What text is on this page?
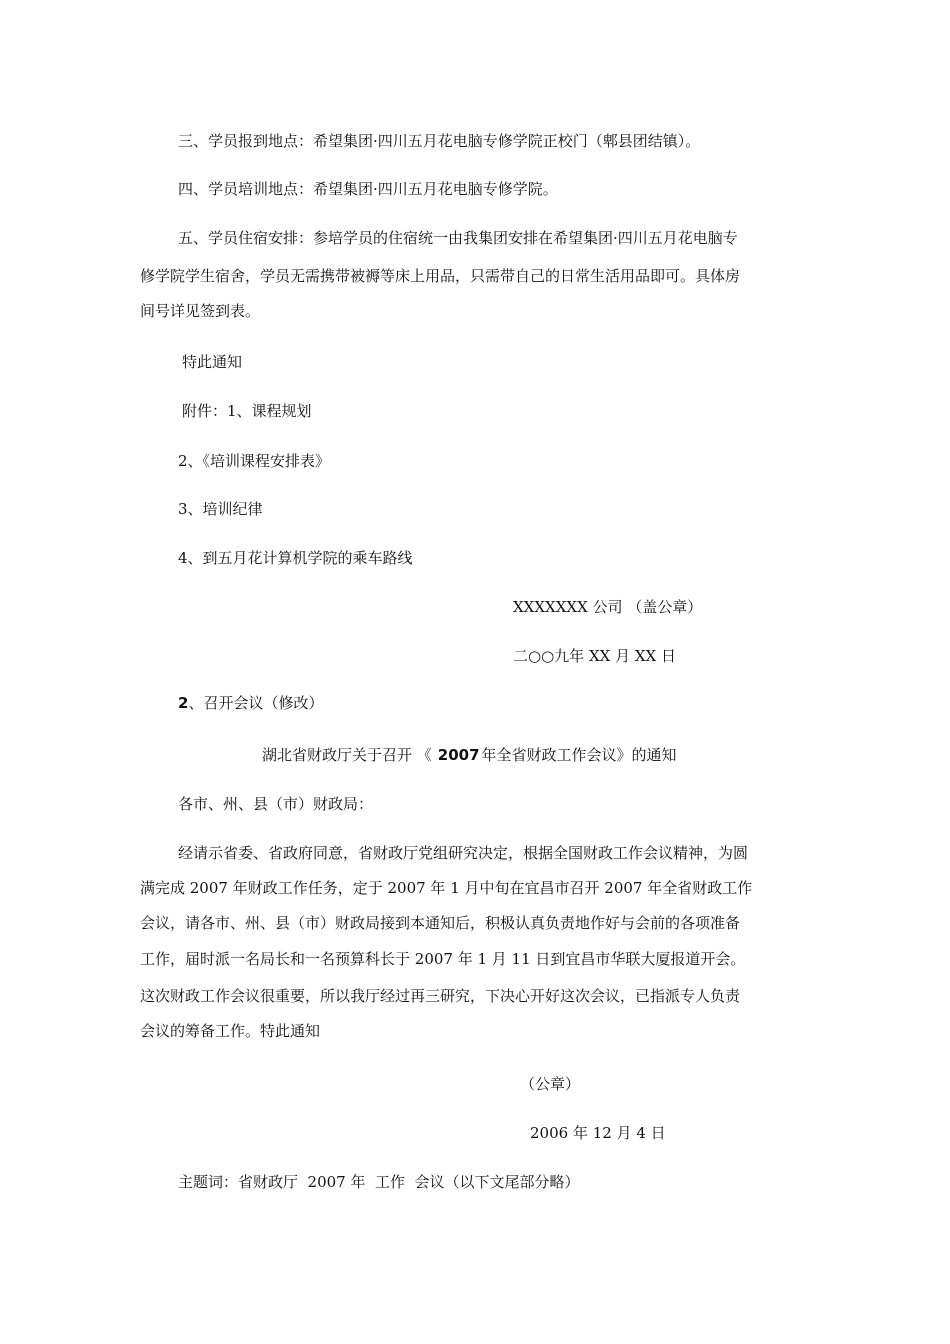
三、学员报到地点：希望集团·四川五月花电脑专修学院正校门（郫县团结镇）。
四、学员培训地点：希望集团·四川五月花电脑专修学院。
五、学员住宿安排：参培学员的住宿统一由我集团安排在希望集团·四川五月花电脑专
修学院学生宿舍，学员无需携带被褥等床上用品，只需带自己的日常生活用品即可。具体房
间号详见签到表。
特此通知
附件：1、课程规划
2、《培训课程安排表》
3、培训纪律
4、到五月花计算机学院的乘车路线
XXXXXXX 公司 （盖公章）
二○○九年 XX 月 XX 日
2、召开会议（修改）
湖北省财政厅关于召开 《 2007 年全省财政工作会议》的通知
各市、州、县（市）财政局：
经请示省委、省政府同意，省财政厅党组研究决定，根据全国财政工作会议精神，为圆
满完成 2007 年财政工作任务，定于 2007 年 1 月中旬在宜昌市召开 2007 年全省财政工作
会议，请各市、州、县（市）财政局接到本通知后，积极认真负责地作好与会前的各项准备
工作，届时派一名局长和一名预算科长于 2007 年 1 月 11 日到宜昌市华联大厦报道开会。
这次财政工作会议很重要，所以我厅经过再三研究，下决心开好这次会议，已指派专人负责
会议的筹备工作。特此通知
（公章）
2006 年 12 月 4 日
主题词：省财政厅  2007 年  工作  会议（以下文尾部分略）
